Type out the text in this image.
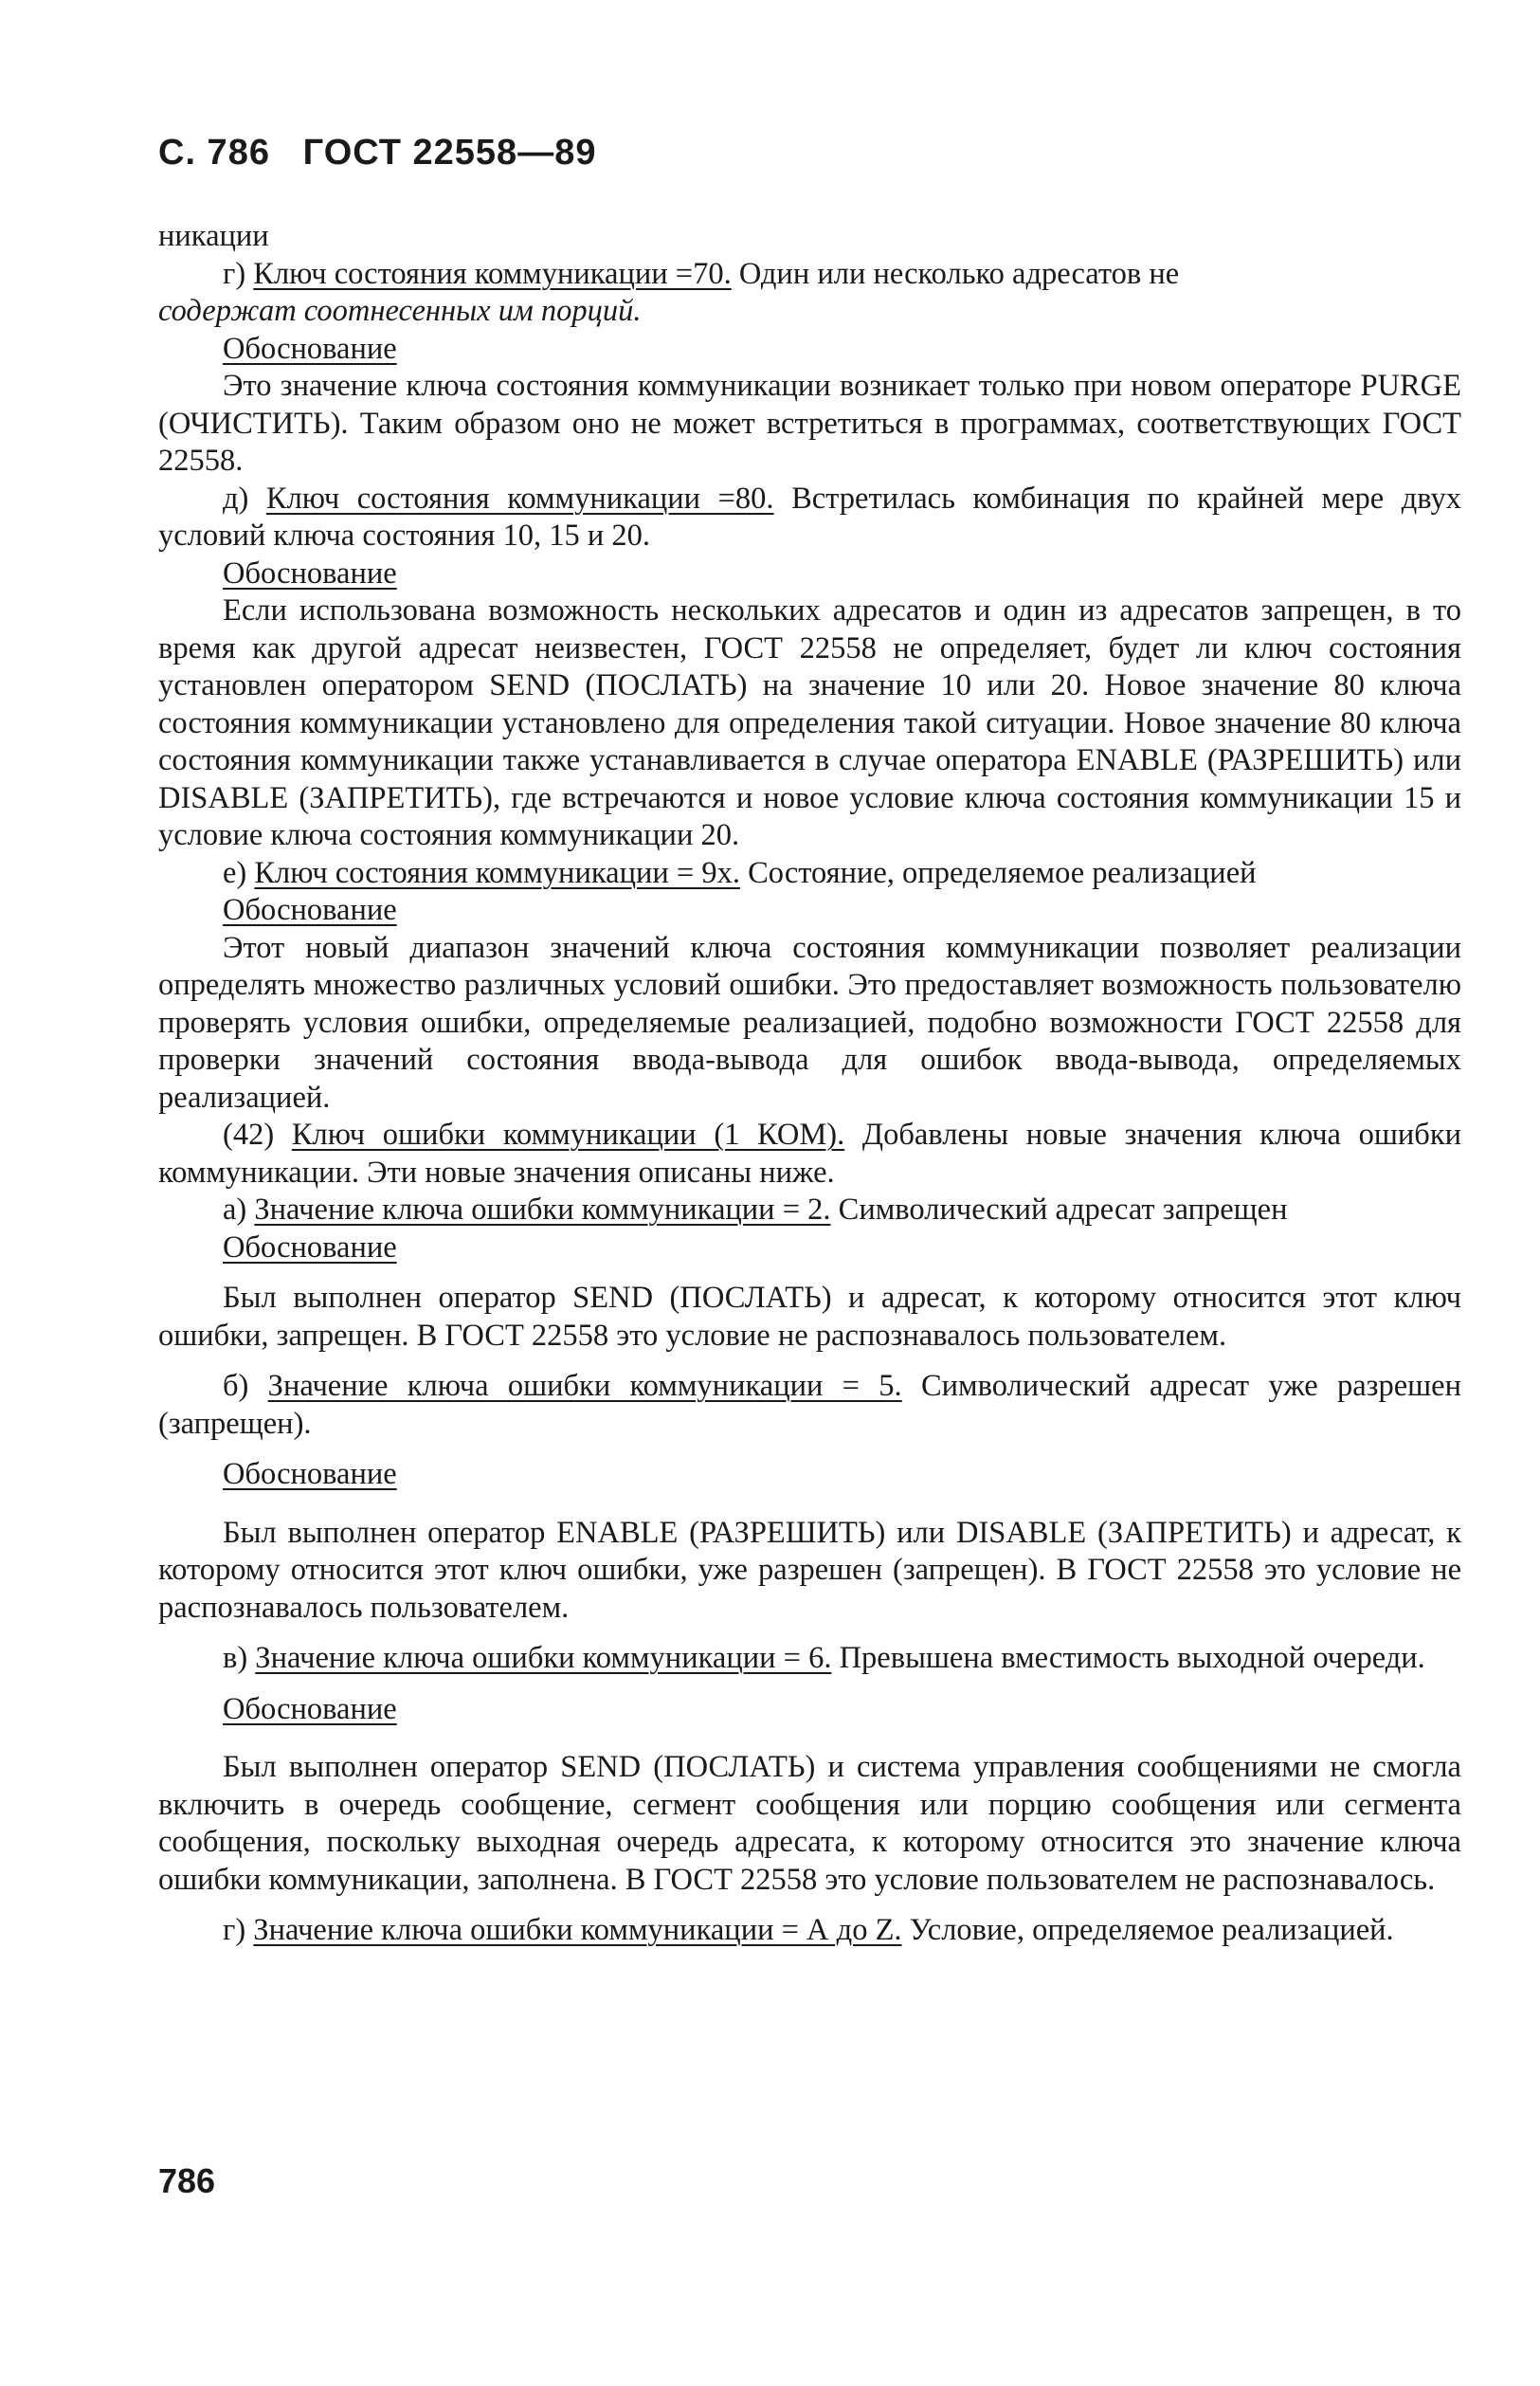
С. 786 ГОСТ 22558—89

никации

г) Ключ состояния коммуникации =70. Один или несколько адресатов не

содержат соотнесенных им порций.

Обоснование

Это значение ключа состояния коммуникации возникает только при новом операторе PURGE (ОЧИСТИТЬ). Таким образом оно не может встретиться в программах, соответствующих ГОСТ 22558.

д) Ключ состояния коммуникации =80. Встретилась комбинация по крайней мере двух условий ключа состояния 10, 15 и 20.

Обоснование

Если использована возможность нескольких адресатов и один из адресатов запрещен, в то время как другой адресат неизвестен, ГОСТ 22558 не определяет, будет ли ключ состояния установлен оператором SEND (ПОСЛАТЬ) на значение 10 или 20. Новое значение 80 ключа состояния коммуникации установлено для определения такой ситуации. Новое значение 80 ключа состояния коммуникации также устанавливается в случае оператора ENABLE (РАЗРЕШИТЬ) или DISABLE (ЗАПРЕТИТЬ), где встречаются и новое условие ключа состояния коммуникации 15 и условие ключа состояния коммуникации 20.

е) Ключ состояния коммуникации = 9х. Состояние, определяемое реализацией

Обоснование

Этот новый диапазон значений ключа состояния коммуникации позволяет реализации определять множество различных условий ошибки. Это предоставляет возможность пользователю проверять условия ошибки, определяемые реализацией, подобно возможности ГОСТ 22558 для проверки значений состояния ввода-вывода для ошибок ввода-вывода, определяемых реализацией.

(42) Ключ ошибки коммуникации (1 КОМ). Добавлены новые значения ключа ошибки коммуникации. Эти новые значения описаны ниже.

а) Значение ключа ошибки коммуникации = 2. Символический адресат запрещен

Обоснование

Был выполнен оператор SEND (ПОСЛАТЬ) и адресат, к которому относится этот ключ ошибки, запрещен. В ГОСТ 22558 это условие не распознавалось пользователем.

б) Значение ключа ошибки коммуникации = 5. Символический адресат уже разрешен (запрещен).

Обоснование

Был выполнен оператор ENABLE (РАЗРЕШИТЬ) или DISABLE (ЗАПРЕТИТЬ) и адресат, к которому относится этот ключ ошибки, уже разрешен (запрещен). В ГОСТ 22558 это условие не распознавалось пользователем.

в) Значение ключа ошибки коммуникации = 6. Превышена вместимость выходной очереди.

Обоснование

Был выполнен оператор SEND (ПОСЛАТЬ) и система управления сообщениями не смогла включить в очередь сообщение, сегмент сообщения или порцию сообщения или сегмента сообщения, поскольку выходная очередь адресата, к которому относится это значение ключа ошибки коммуникации, заполнена. В ГОСТ 22558 это условие пользователем не распознавалось.

г) Значение ключа ошибки коммуникации = А до Z. Условие, определяемое реализацией.

786
